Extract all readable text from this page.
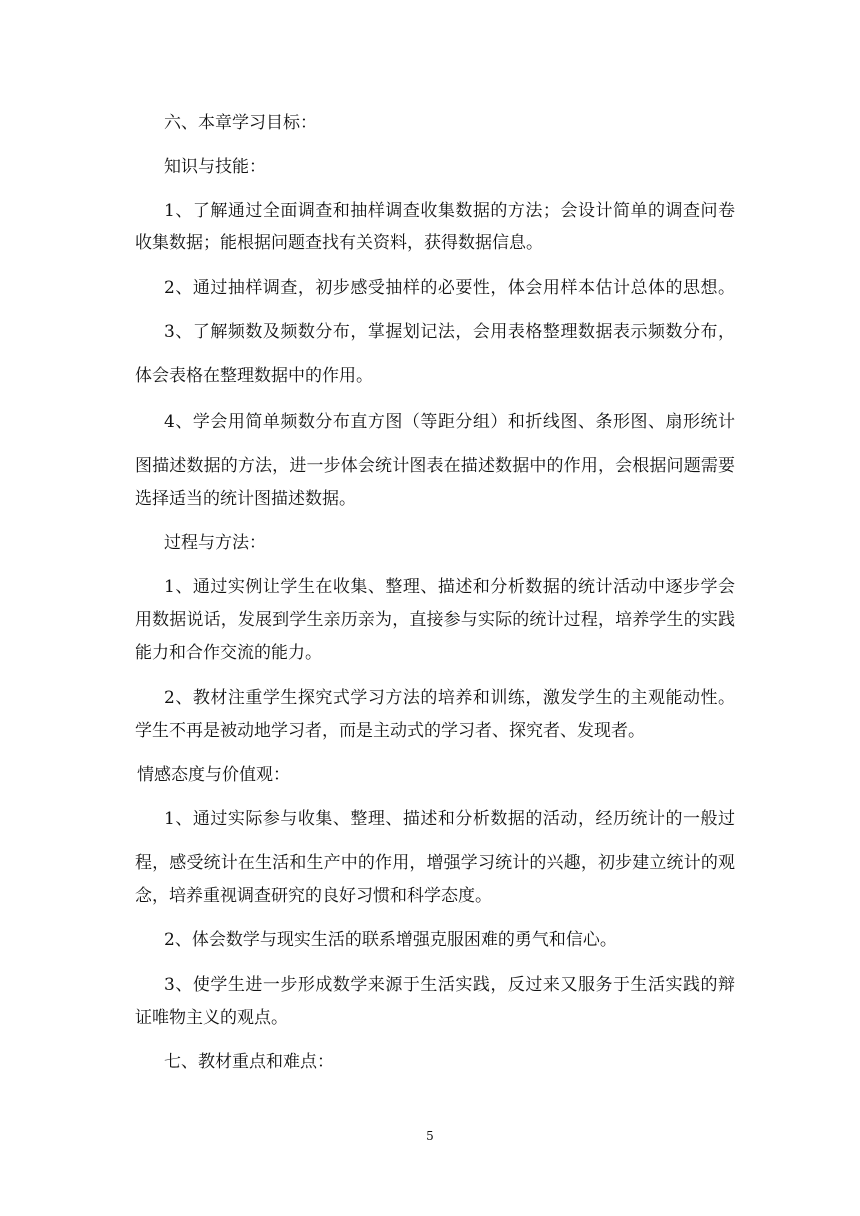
六、本章学习目标：
知识与技能：
1、了解通过全面调查和抽样调查收集数据的方法；会设计简单的调查问卷
收集数据；能根据问题查找有关资料，获得数据信息。
2、通过抽样调查，初步感受抽样的必要性，体会用样本估计总体的思想。
3、了解频数及频数分布，掌握划记法，会用表格整理数据表示频数分布，
体会表格在整理数据中的作用。
4、学会用简单频数分布直方图（等距分组）和折线图、条形图、扇形统计
图描述数据的方法，进一步体会统计图表在描述数据中的作用，会根据问题需要
选择适当的统计图描述数据。
过程与方法：
1、通过实例让学生在收集、整理、描述和分析数据的统计活动中逐步学会
用数据说话，发展到学生亲历亲为，直接参与实际的统计过程，培养学生的实践
能力和合作交流的能力。
2、教材注重学生探究式学习方法的培养和训练，激发学生的主观能动性。
学生不再是被动地学习者，而是主动式的学习者、探究者、发现者。
情感态度与价值观：
1、通过实际参与收集、整理、描述和分析数据的活动，经历统计的一般过
程，感受统计在生活和生产中的作用，增强学习统计的兴趣，初步建立统计的观
念，培养重视调查研究的良好习惯和科学态度。
2、体会数学与现实生活的联系增强克服困难的勇气和信心。
3、使学生进一步形成数学来源于生活实践，反过来又服务于生活实践的辩
证唯物主义的观点。
七、教材重点和难点：
5
